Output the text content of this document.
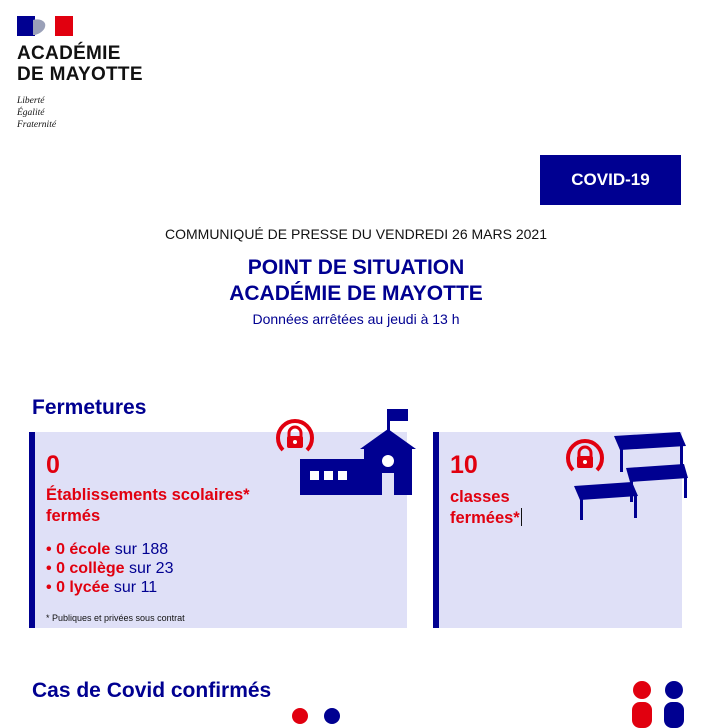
ACADÉMIE
DE MAYOTTE
Liberté
Égalité
Fraternité
COVID-19
COMMUNIQUÉ DE PRESSE DU VENDREDI 26 MARS 2021
POINT DE SITUATION
ACADÉMIE DE MAYOTTE
Données arrêtées au jeudi à 13 h
Fermetures
0
Établissements scolaires*
fermés
• 0 école sur 188
• 0 collège sur 23
• 0 lycée sur 11
* Publiques et privées sous contrat
10
classes
fermées*
Cas de Covid confirmés
